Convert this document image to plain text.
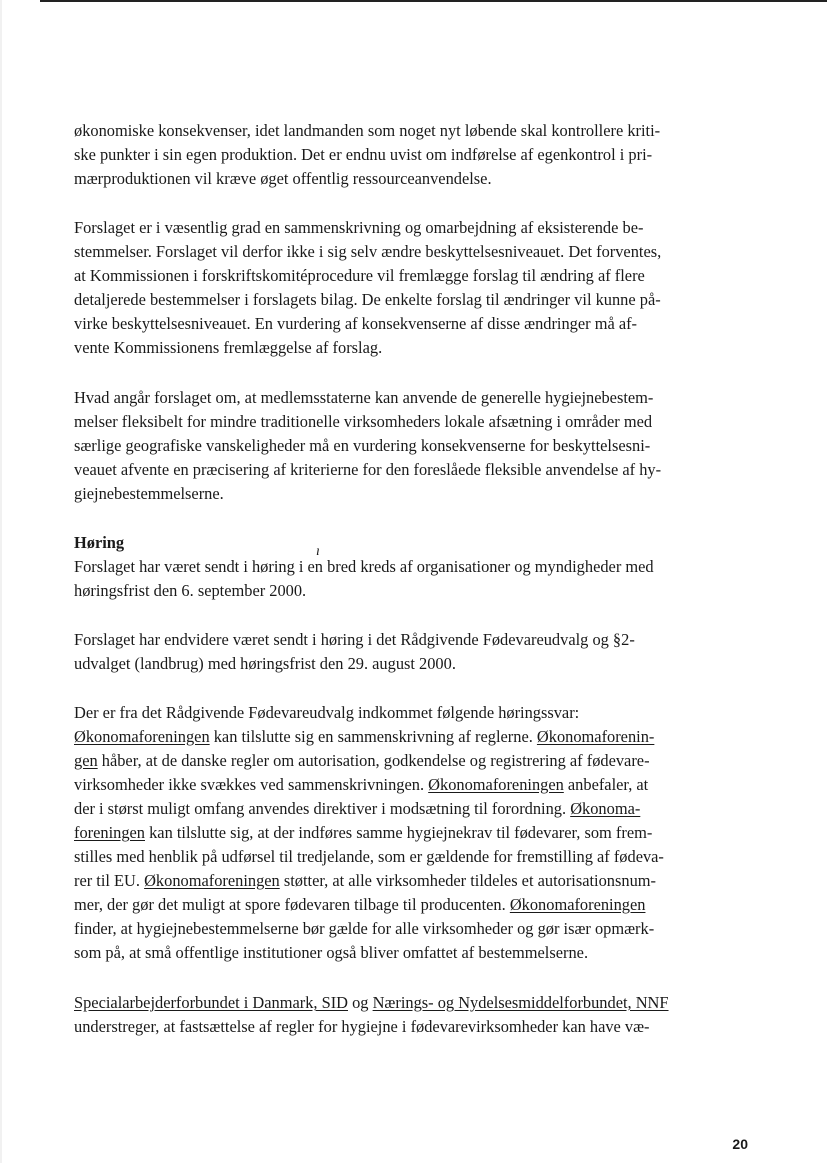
økonomiske konsekvenser, idet landmanden som noget nyt løbende skal kontrollere kriti-
ske punkter i sin egen produktion. Det er endnu uvist om indførelse af egenkontrol i pri-
mærproduktionen vil kræve øget offentlig ressourceanvendelse.

Forslaget er i væsentlig grad en sammenskrivning og omarbejdning af eksisterende be-
stemmelser. Forslaget vil derfor ikke i sig selv ændre beskyttelsesniveauet. Det forventes,
at Kommissionen i forskriftskomitéprocedure vil fremlægge forslag til ændring af flere
detaljerede bestemmelser i forslagets bilag. De enkelte forslag til ændringer vil kunne på-
virke beskyttelsesniveauet. En vurdering af konsekvenserne af disse ændringer må af-
vente Kommissionens fremlæggelse af forslag.

Hvad angår forslaget om, at medlemsstaterne kan anvende de generelle hygiejnebestem-
melser fleksibelt for mindre traditionelle virksomheders lokale afsætning i områder med
særlige geografiske vanskeligheder må en vurdering konsekvenserne for beskyttelsesni-
veauet afvente en præcisering af kriterierne for den foreslåede fleksible anvendelse af hy-
giejnebestemmelserne.

Høring
Forslaget har været sendt i høring i en bred kreds af organisationer og myndigheder med
høringsfrist den 6. september 2000.

ı

Forslaget har endvidere været sendt i høring i det Rådgivende Fødevareudvalg og §2-
udvalget (landbrug) med høringsfrist den 29. august 2000.

Der er fra det Rådgivende Fødevareudvalg indkommet følgende høringssvar:
Økonomaforeningen kan tilslutte sig en sammenskrivning af reglerne. Økonomaforenin-
gen håber, at de danske regler om autorisation, godkendelse og registrering af fødevare-
virksomheder ikke svækkes ved sammenskrivningen. Økonomaforeningen anbefaler, at
der i størst muligt omfang anvendes direktiver i modsætning til forordning. Økonoma-
foreningen kan tilslutte sig, at der indføres samme hygiejnekrav til fødevarer, som frem-
stilles med henblik på udførsel til tredjelande, som er gældende for fremstilling af fødeva-
rer til EU. Økonomaforeningen støtter, at alle virksomheder tildeles et autorisationsnum-
mer, der gør det muligt at spore fødevaren tilbage til producenten. Økonomaforeningen
finder, at hygiejnebestemmelserne bør gælde for alle virksomheder og gør især opmærk-
som på, at små offentlige institutioner også bliver omfattet af bestemmelserne.

Specialarbejderforbundet i Danmark, SID og Nærings- og Nydelsesmiddelforbundet, NNF
understreger, at fastsættelse af regler for hygiejne i fødevarevirksomheder kan have væ-

20
